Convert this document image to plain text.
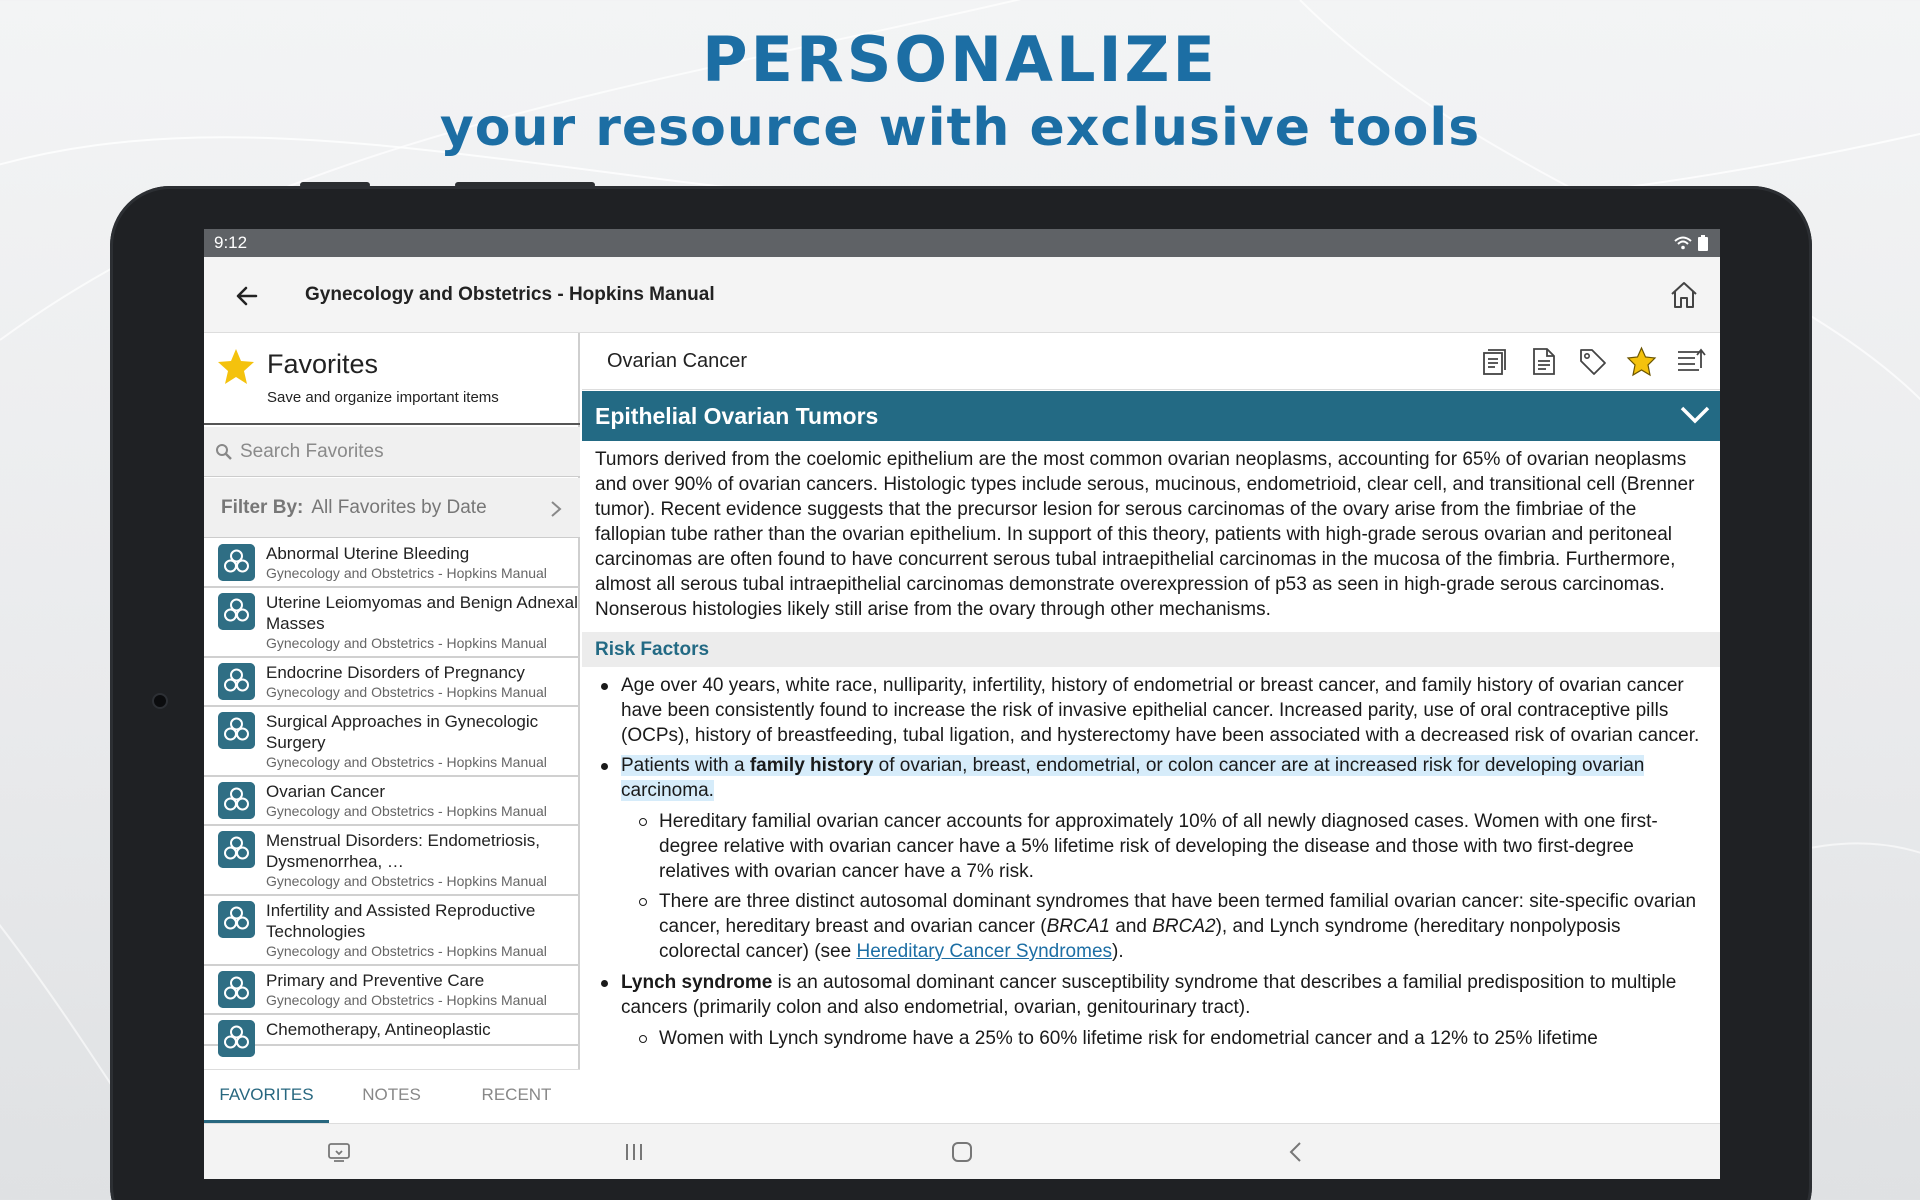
PERSONALIZE
your resource with exclusive tools
9:12
Gynecology and Obstetrics - Hopkins Manual
Favorites
Save and organize important items
Search Favorites
Filter By: All Favorites by Date
Abnormal Uterine Bleeding
Gynecology and Obstetrics - Hopkins Manual
Uterine Leiomyomas and Benign Adnexal Masses
Gynecology and Obstetrics - Hopkins Manual
Endocrine Disorders of Pregnancy
Gynecology and Obstetrics - Hopkins Manual
Surgical Approaches in Gynecologic Surgery
Gynecology and Obstetrics - Hopkins Manual
Ovarian Cancer
Gynecology and Obstetrics - Hopkins Manual
Menstrual Disorders: Endometriosis, Dysmenorrhea, …
Gynecology and Obstetrics - Hopkins Manual
Infertility and Assisted Reproductive Technologies
Gynecology and Obstetrics - Hopkins Manual
Primary and Preventive Care
Gynecology and Obstetrics - Hopkins Manual
Chemotherapy, Antineoplastic
FAVORITES	NOTES	RECENT
Ovarian Cancer
Epithelial Ovarian Tumors

Tumors derived from the coelomic epithelium are the most common ovarian neoplasms, accounting for 65% of ovarian neoplasms and over 90% of ovarian cancers. Histologic types include serous, mucinous, endometrioid, clear cell, and transitional cell (Brenner tumor). Recent evidence suggests that the precursor lesion for serous carcinomas of the ovary arise from the fimbriae of the fallopian tube rather than the ovarian epithelium. In support of this theory, patients with high-grade serous ovarian and peritoneal carcinomas are often found to have concurrent serous tubal intraepithelial carcinomas in the mucosa of the fimbria. Furthermore, almost all serous tubal intraepithelial carcinomas demonstrate overexpression of p53 as seen in high-grade serous carcinomas. Nonserous histologies likely still arise from the ovary through other mechanisms.

Risk Factors
Age over 40 years, white race, nulliparity, infertility, history of endometrial or breast cancer, and family history of ovarian cancer have been consistently found to increase the risk of invasive epithelial cancer. Increased parity, use of oral contraceptive pills (OCPs), history of breastfeeding, tubal ligation, and hysterectomy have been associated with a decreased risk of ovarian cancer.
Patients with a family history of ovarian, breast, endometrial, or colon cancer are at increased risk for developing ovarian carcinoma.
Hereditary familial ovarian cancer accounts for approximately 10% of all newly diagnosed cases. Women with one first-degree relative with ovarian cancer have a 5% lifetime risk of developing the disease and those with two first-degree relatives with ovarian cancer have a 7% risk.
There are three distinct autosomal dominant syndromes that have been termed familial ovarian cancer: site-specific ovarian cancer, hereditary breast and ovarian cancer (BRCA1 and BRCA2), and Lynch syndrome (hereditary nonpolyposis colorectal cancer) (see Hereditary Cancer Syndromes).
Lynch syndrome is an autosomal dominant cancer susceptibility syndrome that describes a familial predisposition to multiple cancers (primarily colon and also endometrial, ovarian, genitourinary tract).
Women with Lynch syndrome have a 25% to 60% lifetime risk for endometrial cancer and a 12% to 25% lifetime
